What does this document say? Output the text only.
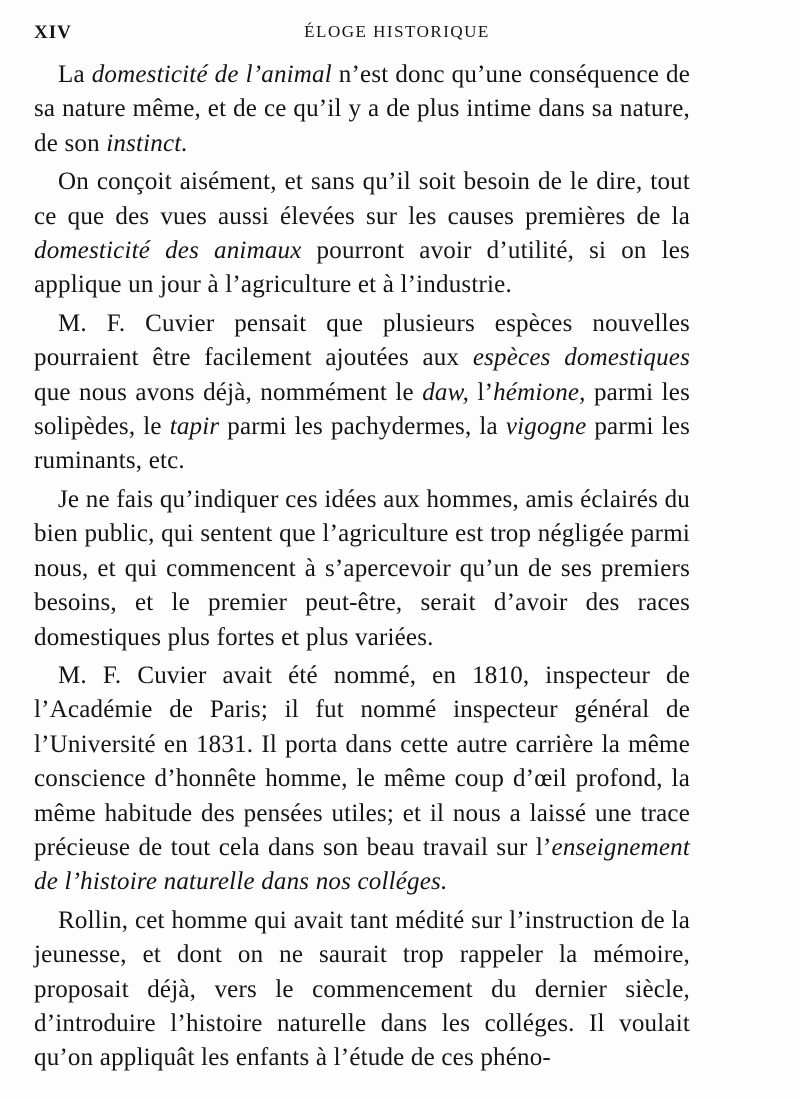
XIV	ÉLOGE HISTORIQUE

La domesticité de l’animal n’est donc qu’une conséquence de sa nature même, et de ce qu’il y a de plus intime dans sa nature, de son instinct.

On conçoit aisément, et sans qu’il soit besoin de le dire, tout ce que des vues aussi élevées sur les causes premières de la domesticité des animaux pourront avoir d’utilité, si on les applique un jour à l’agriculture et à l’industrie.

M. F. Cuvier pensait que plusieurs espèces nouvelles pourraient être facilement ajoutées aux espèces domestiques que nous avons déjà, nommément le daw, l’hémione, parmi les solipèdes, le tapir parmi les pachydermes, la vigogne parmi les ruminants, etc.

Je ne fais qu’indiquer ces idées aux hommes, amis éclairés du bien public, qui sentent que l’agriculture est trop négligée parmi nous, et qui commencent à s’apercevoir qu’un de ses premiers besoins, et le premier peut-être, serait d’avoir des races domestiques plus fortes et plus variées.

M. F. Cuvier avait été nommé, en 1810, inspecteur de l’Académie de Paris; il fut nommé inspecteur général de l’Université en 1831. Il porta dans cette autre carrière la même conscience d’honnête homme, le même coup d’œil profond, la même habitude des pensées utiles; et il nous a laissé une trace précieuse de tout cela dans son beau travail sur l’enseignement de l’histoire naturelle dans nos colléges.

Rollin, cet homme qui avait tant médité sur l’instruction de la jeunesse, et dont on ne saurait trop rappeler la mémoire, proposait déjà, vers le commencement du dernier siècle, d’introduire l’histoire naturelle dans les colléges. Il voulait qu’on appliquât les enfants à l’étude de ces phéno-
